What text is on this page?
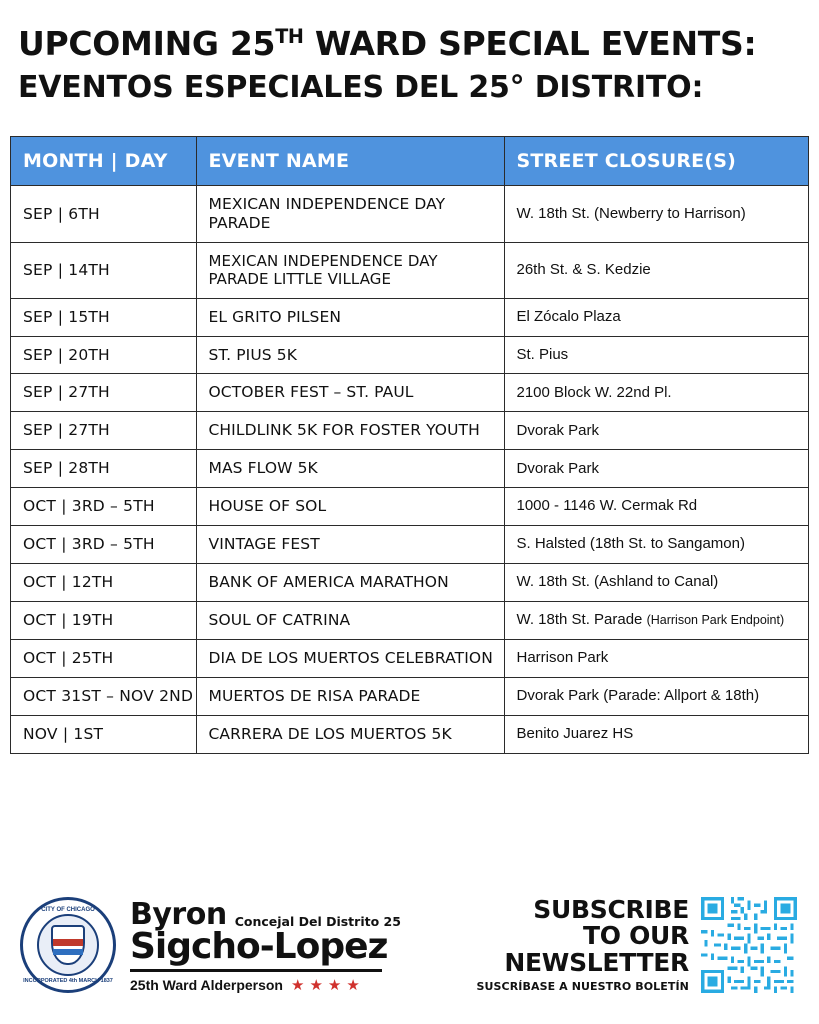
UPCOMING 25TH WARD SPECIAL EVENTS:
EVENTOS ESPECIALES DEL 25° DISTRITO:
MONTH | DAY	EVENT NAME	STREET CLOSURE(S)
SEP | 6TH	MEXICAN INDEPENDENCE DAY PARADE	W. 18th St. (Newberry to Harrison)
SEP | 14TH	MEXICAN INDEPENDENCE DAY PARADE LITTLE VILLAGE	26th St. & S. Kedzie
SEP | 15TH	EL GRITO PILSEN	El Zócalo Plaza
SEP | 20TH	ST. PIUS 5K	St. Pius
SEP | 27TH	OCTOBER FEST – ST. PAUL	2100 Block W. 22nd Pl.
SEP | 27TH	CHILDLINK 5K FOR FOSTER YOUTH	Dvorak Park
SEP | 28TH	MAS FLOW 5K	Dvorak Park
OCT | 3RD – 5TH	HOUSE OF SOL	1000 - 1146 W. Cermak Rd
OCT | 3RD – 5TH	VINTAGE FEST	S. Halsted (18th St. to Sangamon)
OCT | 12TH	BANK OF AMERICA MARATHON	W. 18th St. (Ashland to Canal)
OCT | 19TH	SOUL OF CATRINA	W. 18th St. Parade (Harrison Park Endpoint)
OCT | 25TH	DIA DE LOS MUERTOS CELEBRATION	Harrison Park
OCT 31ST – NOV 2ND	MUERTOS DE RISA PARADE	Dvorak Park (Parade: Allport & 18th)
NOV | 1ST	CARRERA DE LOS MUERTOS 5K	Benito Juarez HS
CITY OF CHICAGO
INCORPORATED 4th MARCH 1837
Byron Concejal Del Distrito 25
Sigcho-Lopez
25th Ward Alderperson ★ ★ ★ ★
SUBSCRIBE
TO OUR
NEWSLETTER
SUSCRÍBASE A NUESTRO BOLETÍN
